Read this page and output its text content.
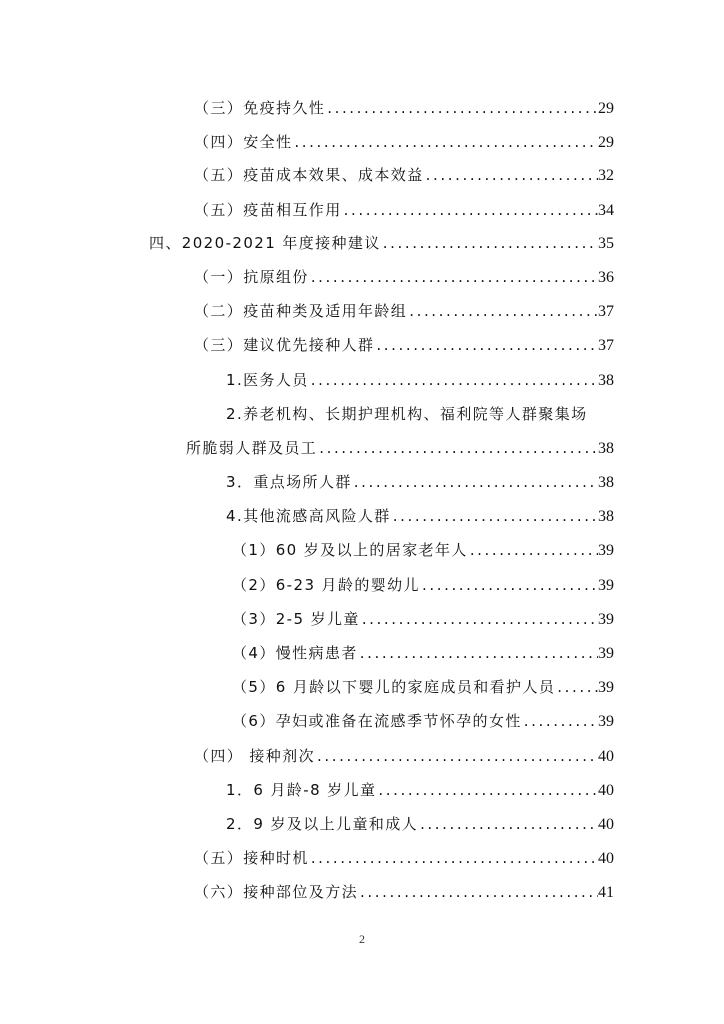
（三）免疫持久性 .....	29
（四）安全性 .....	29
（五）疫苗成本效果、成本效益 .....	32
（五）疫苗相互作用 .....	34
四、2020-2021 年度接种建议 .....	35
（一）抗原组份 .....	36
（二）疫苗种类及适用年龄组 .....	37
（三）建议优先接种人群 .....	37
1.医务人员 .....	38
2.养老机构、长期护理机构、福利院等人群聚集场
所脆弱人群及员工 .....	38
3．重点场所人群 .....	38
4.其他流感高风险人群 .....	38
（1）60 岁及以上的居家老年人 .....	39
（2）6-23 月龄的婴幼儿 .....	39
（3）2-5 岁儿童 .....	39
（4）慢性病患者 .....	39
（5）6 月龄以下婴儿的家庭成员和看护人员 .....	39
（6）孕妇或准备在流感季节怀孕的女性 .....	39
（四） 接种剂次 .....	40
1．6 月龄-8 岁儿童 .....	40
2．9 岁及以上儿童和成人 .....	40
（五）接种时机 .....	40
（六）接种部位及方法 .....	41
2
